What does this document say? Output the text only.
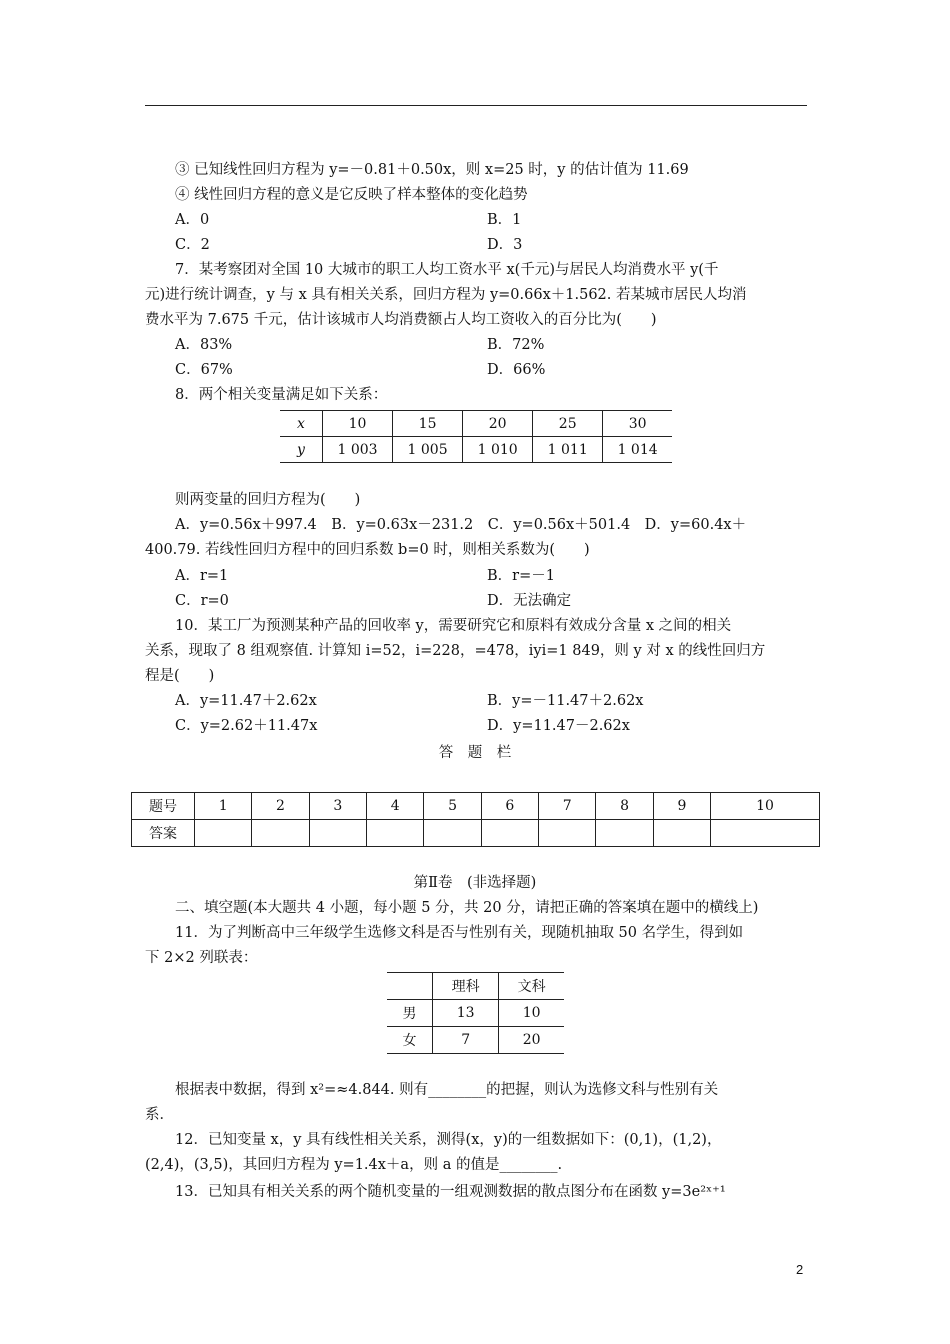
③ 已知线性回归方程为 y=－0.81＋0.50x，则 x=25 时，y 的估计值为 11.69
④ 线性回归方程的意义是它反映了样本整体的变化趋势
A．0	B．1
C．2	D．3
7．某考察团对全国 10 大城市的职工人均工资水平 x(千元)与居民人均消费水平 y(千
元)进行统计调查，y 与 x 具有相关关系，回归方程为 y=0.66x＋1.562. 若某城市居民人均消
费水平为 7.675 千元，估计该城市人均消费额占人均工资收入的百分比为(　　)
A．83%	B．72%
C．67%	D．66%
8．两个相关变量满足如下关系：
x	10	15	20	25	30
y	1 003	1 005	1 010	1 011	1 014
则两变量的回归方程为(　　)
A．y=0.56x＋997.4　B．y=0.63x－231.2　C．y=0.56x＋501.4　D．y=60.4x＋
400.79. 若线性回归方程中的回归系数 b=0 时，则相关系数为(　　)
A．r=1	B．r=－1
C．r=0	D．无法确定
10．某工厂为预测某种产品的回收率 y，需要研究它和原料有效成分含量 x 之间的相关
关系，现取了 8 组观察值. 计算知 i=52，i=228，=478，iyi=1 849，则 y 对 x 的线性回归方
程是(　　)
A．y=11.47＋2.62x	B．y=－11.47＋2.62x
C．y=2.62＋11.47x	D．y=11.47－2.62x
答　题　栏
题号	1	2	3	4	5	6	7	8	9	10
答案										
第Ⅱ卷　(非选择题)
二、填空题(本大题共 4 小题，每小题 5 分，共 20 分，请把正确的答案填在题中的横线上)
11．为了判断高中三年级学生选修文科是否与性别有关，现随机抽取 50 名学生，得到如
下 2×2 列联表：
	理科	文科
男	13	10
女	7	20
根据表中数据，得到 x²=≈4.844. 则有________的把握，则认为选修文科与性别有关
系．
12．已知变量 x，y 具有线性相关关系，测得(x，y)的一组数据如下：(0,1)，(1,2)，
(2,4)，(3,5)，其回归方程为 y=1.4x＋a，则 a 的值是________.
13．已知具有相关关系的两个随机变量的一组观测数据的散点图分布在函数 y=3e²ˣ⁺¹
2
